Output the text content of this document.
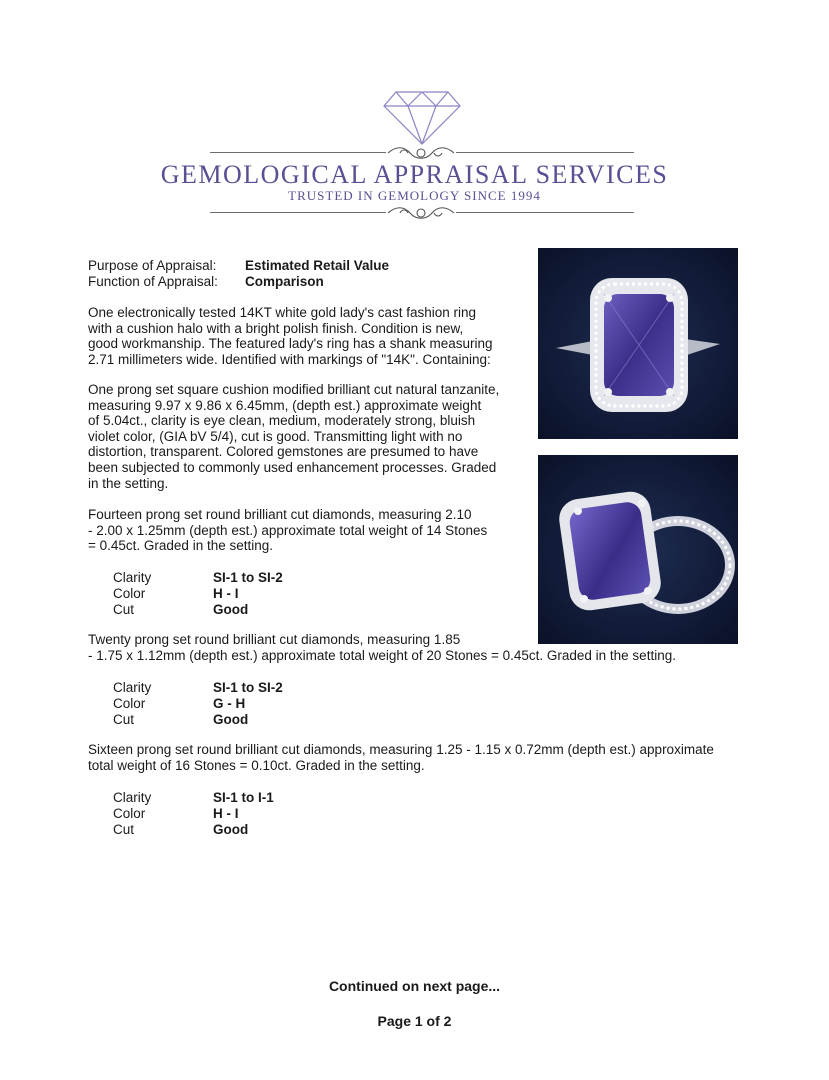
GEMOLOGICAL APPRAISAL SERVICES
TRUSTED IN GEMOLOGY SINCE 1994
Purpose of Appraisal: Estimated Retail Value
Function of Appraisal: Comparison
One electronically tested 14KT white gold lady's cast fashion ring
with a cushion halo with a bright polish finish. Condition is new,
good workmanship. The featured lady's ring has a shank measuring
2.71 millimeters wide. Identified with markings of "14K". Containing:
One prong set square cushion modified brilliant cut natural tanzanite,
measuring 9.97 x 9.86 x 6.45mm, (depth est.) approximate weight
of 5.04ct., clarity is eye clean, medium, moderately strong, bluish
violet color, (GIA bV 5/4), cut is good. Transmitting light with no
distortion, transparent. Colored gemstones are presumed to have
been subjected to commonly used enhancement processes. Graded
in the setting.
Fourteen prong set round brilliant cut diamonds, measuring 2.10
- 2.00 x 1.25mm (depth est.) approximate total weight of 14 Stones
= 0.45ct. Graded in the setting.
Clarity	SI-1 to SI-2
Color	H - I
Cut	Good
Twenty prong set round brilliant cut diamonds, measuring 1.85
- 1.75 x 1.12mm (depth est.) approximate total weight of 20 Stones = 0.45ct. Graded in the setting.
Clarity	SI-1 to SI-2
Color	G - H
Cut	Good
Sixteen prong set round brilliant cut diamonds, measuring 1.25 - 1.15 x 0.72mm (depth est.) approximate
total weight of 16 Stones = 0.10ct. Graded in the setting.
Clarity	SI-1 to I-1
Color	H - I
Cut	Good
Continued on next page...
Page 1 of 2
